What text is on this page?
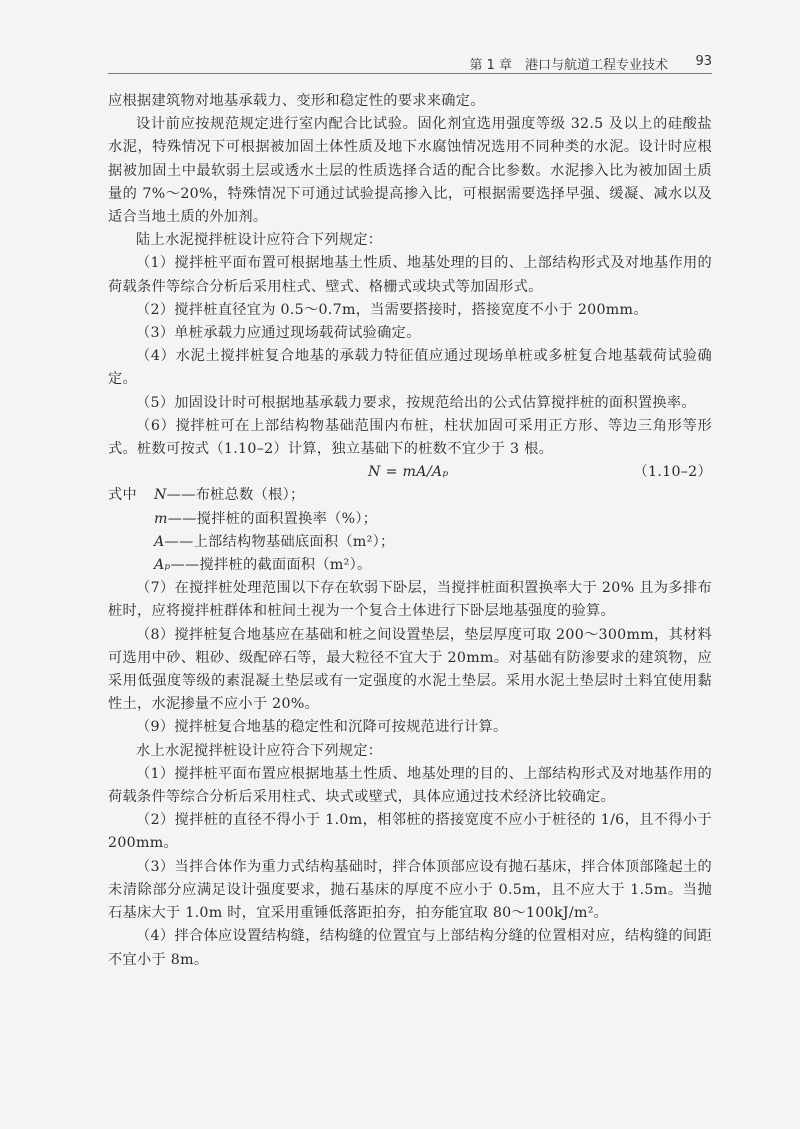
第 1 章　港口与航道工程专业技术 93

应根据建筑物对地基承载力、变形和稳定性的要求来确定。

设计前应按规范规定进行室内配合比试验。固化剂宜选用强度等级 32.5 及以上的硅酸盐水泥，特殊情况下可根据被加固土体性质及地下水腐蚀情况选用不同种类的水泥。设计时应根据被加固土中最软弱土层或透水土层的性质选择合适的配合比参数。水泥掺入比为被加固土质量的 7%～20%，特殊情况下可通过试验提高掺入比，可根据需要选择早强、缓凝、减水以及适合当地土质的外加剂。

陆上水泥搅拌桩设计应符合下列规定：

（1）搅拌桩平面布置可根据地基土性质、地基处理的目的、上部结构形式及对地基作用的荷载条件等综合分析后采用柱式、壁式、格栅式或块式等加固形式。

（2）搅拌桩直径宜为 0.5～0.7m，当需要搭接时，搭接宽度不小于 200mm。

（3）单桩承载力应通过现场载荷试验确定。

（4）水泥土搅拌桩复合地基的承载力特征值应通过现场单桩或多桩复合地基载荷试验确定。

（5）加固设计时可根据地基承载力要求，按规范给出的公式估算搅拌桩的面积置换率。

（6）搅拌桩可在上部结构物基础范围内布桩，柱状加固可采用正方形、等边三角形等形式。桩数可按式（1.10–2）计算，独立基础下的桩数不宜少于 3 根。

N = mA/Aₚ	（1.10–2）

式中 N——布桩总数（根）；

m——搅拌桩的面积置换率（%）；

A——上部结构物基础底面积（m²）；

Aₚ——搅拌桩的截面面积（m²）。

（7）在搅拌桩处理范围以下存在软弱下卧层，当搅拌桩面积置换率大于 20% 且为多排布桩时，应将搅拌桩群体和桩间土视为一个复合土体进行下卧层地基强度的验算。

（8）搅拌桩复合地基应在基础和桩之间设置垫层，垫层厚度可取 200～300mm，其材料可选用中砂、粗砂、级配碎石等，最大粒径不宜大于 20mm。对基础有防渗要求的建筑物，应采用低强度等级的素混凝土垫层或有一定强度的水泥土垫层。采用水泥土垫层时土料宜使用黏性土，水泥掺量不应小于 20%。

（9）搅拌桩复合地基的稳定性和沉降可按规范进行计算。

水上水泥搅拌桩设计应符合下列规定：

（1）搅拌桩平面布置应根据地基土性质、地基处理的目的、上部结构形式及对地基作用的荷载条件等综合分析后采用柱式、块式或壁式，具体应通过技术经济比较确定。

（2）搅拌桩的直径不得小于 1.0m，相邻桩的搭接宽度不应小于桩径的 1/6，且不得小于 200mm。

（3）当拌合体作为重力式结构基础时，拌合体顶部应设有抛石基床，拌合体顶部隆起土的未清除部分应满足设计强度要求，抛石基床的厚度不应小于 0.5m，且不应大于 1.5m。当抛石基床大于 1.0m 时，宜采用重锤低落距拍夯，拍夯能宜取 80～100kJ/m²。

（4）拌合体应设置结构缝，结构缝的位置宜与上部结构分缝的位置相对应，结构缝的间距不宜小于 8m。
